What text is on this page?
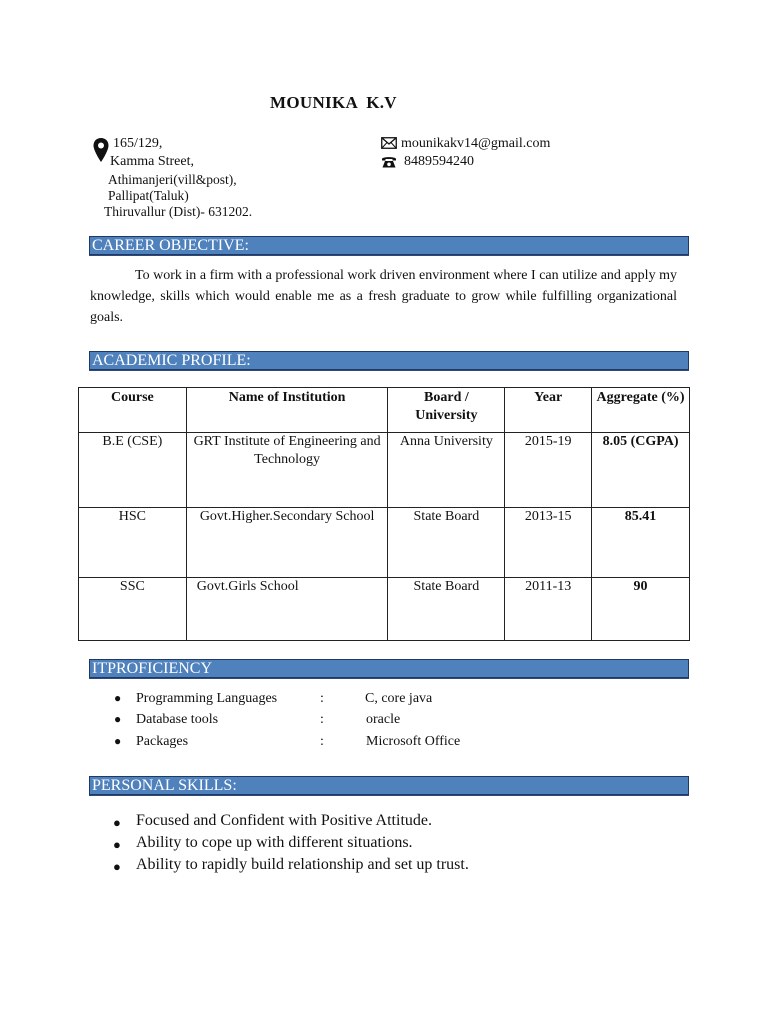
MOUNIKA  K.V
165/129,
Kamma Street,
Athimanjeri(vill&post),
Pallipat(Taluk)
Thiruvallur (Dist)- 631202.
mounikakv14@gmail.com
8489594240
CAREER OBJECTIVE:
To work in a firm with a professional work driven environment where I can utilize and apply my knowledge, skills which would enable me as a fresh graduate to grow while fulfilling organizational goals.
ACADEMIC PROFILE:
Course	Name of Institution	Board / University	Year	Aggregate (%)
B.E (CSE)	GRT Institute of Engineering and Technology	Anna University	2015-19	8.05 (CGPA)
HSC	Govt.Higher.Secondary School	State Board	2013-15	85.41
SSC	Govt.Girls School	State Board	2011-13	90
ITPROFICIENCY
● Programming Languages	:	C, core java
● Database tools	:	oracle
● Packages	:	Microsoft Office
PERSONAL SKILLS:
● Focused and Confident with Positive Attitude.
● Ability to cope up with different situations.
● Ability to rapidly build relationship and set up trust.
